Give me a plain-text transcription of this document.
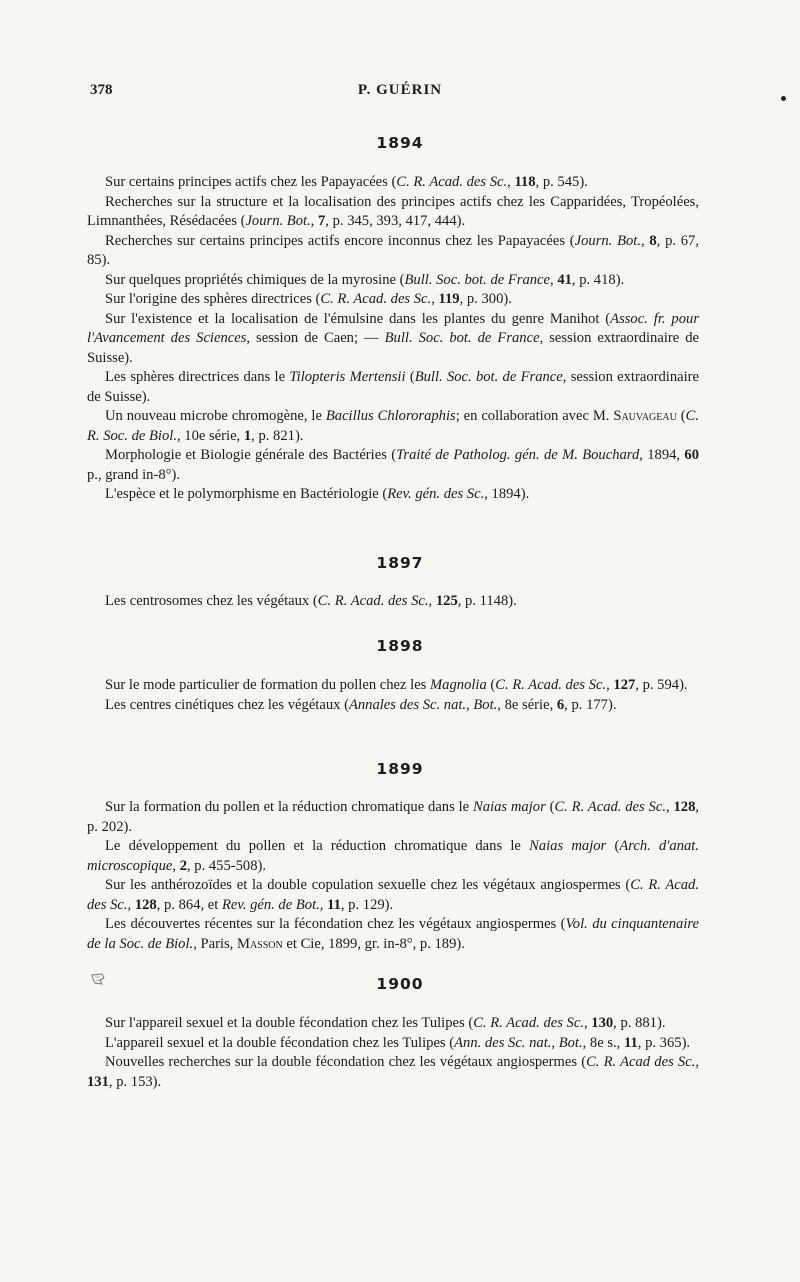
378	P. GUÉRIN
1894

Sur certains principes actifs chez les Papayacées (C. R. Acad. des Sc., 118, p. 545).

Recherches sur la structure et la localisation des principes actifs chez les Capparidées, Tropéolées, Limnanthées, Résédacées (Journ. Bot., 7, p. 345, 393, 417, 444).

Recherches sur certains principes actifs encore inconnus chez les Papayacées (Journ. Bot., 8, p. 67, 85).

Sur quelques propriétés chimiques de la myrosine (Bull. Soc. bot. de France, 41, p. 418).

Sur l'origine des sphères directrices (C. R. Acad. des Sc., 119, p. 300).

Sur l'existence et la localisation de l'émulsine dans les plantes du genre Manihot (Assoc. fr. pour l'Avancement des Sciences, session de Caen; — Bull. Soc. bot. de France, session extraordinaire de Suisse).

Les sphères directrices dans le Tilopteris Mertensii (Bull. Soc. bot. de France, session extraordinaire de Suisse).

Un nouveau microbe chromogène, le Bacillus Chlororaphis; en collaboration avec M. Sauvageau (C. R. Soc. de Biol., 10e série, 1, p. 821).

Morphologie et Biologie générale des Bactéries (Traité de Patholog. gén. de M. Bouchard, 1894, 60 p., grand in-8°).

L'espèce et le polymorphisme en Bactériologie (Rev. gén. des Sc., 1894).

1897

Les centrosomes chez les végétaux (C. R. Acad. des Sc., 125, p. 1148).

1898

Sur le mode particulier de formation du pollen chez les Magnolia (C. R. Acad. des Sc., 127, p. 594).

Les centres cinétiques chez les végétaux (Annales des Sc. nat., Bot., 8e série, 6, p. 177).

1899

Sur la formation du pollen et la réduction chromatique dans le Naias major (C. R. Acad. des Sc., 128, p. 202).

Le développement du pollen et la réduction chromatique dans le Naias major (Arch. d'anat. microscopique, 2, p. 455-508).

Sur les anthérozoïdes et la double copulation sexuelle chez les végétaux angiospermes (C. R. Acad. des Sc., 128, p. 864, et Rev. gén. de Bot., 11, p. 129).

Les découvertes récentes sur la fécondation chez les végétaux angiospermes (Vol. du cinquantenaire de la Soc. de Biol., Paris, Masson et Cie, 1899, gr. in-8°, p. 189).

1900

Sur l'appareil sexuel et la double fécondation chez les Tulipes (C. R. Acad. des Sc., 130, p. 881).

L'appareil sexuel et la double fécondation chez les Tulipes (Ann. des Sc. nat., Bot., 8e s., 11, p. 365).

Nouvelles recherches sur la double fécondation chez les végétaux angiospermes (C. R. Acad des Sc., 131, p. 153).
